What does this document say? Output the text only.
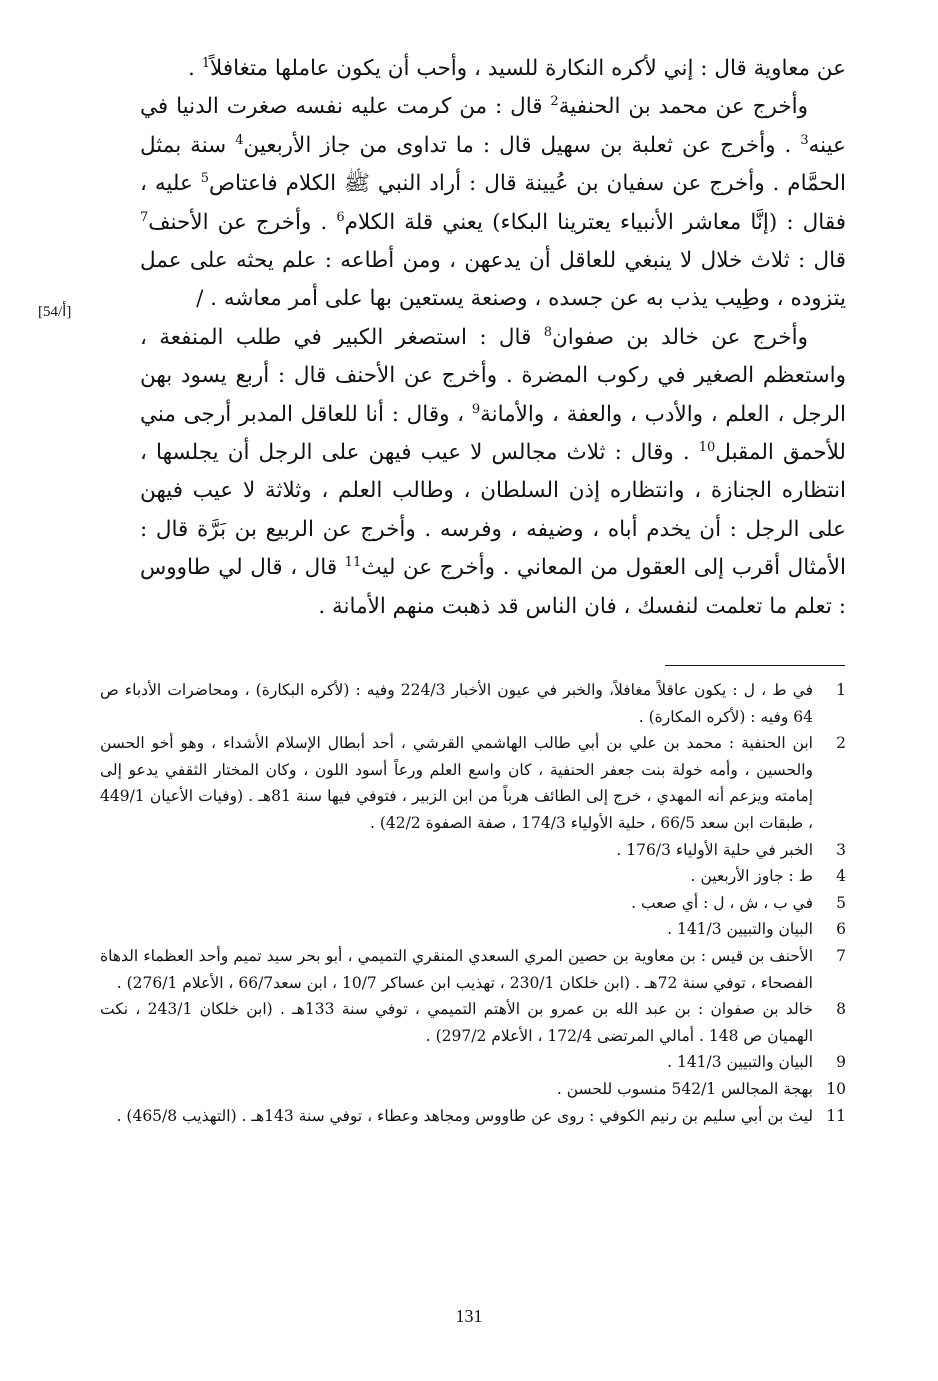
عن معاوية قال : إني لأكره النكارة للسيد ، وأحب أن يكون عاملها متغافلاً$^1$ .

وأخرج عن محمد بن الحنفية$^2$ قال : من كرمت عليه نفسه صغرت الدنيا في عينه$^3$ . وأخرج عن ثعلبة بن سهيل قال : ما تداوى من جاز الأربعين$^4$ سنة بمثل الحمَّام . وأخرج عن سفيان بن عُيينة قال : أراد النبي ﷺ الكلام فاعتاص$^5$ عليه ، فقال : (إنَّا معاشر الأنبياء يعترينا البكاء) يعني قلة الكلام$^6$ . وأخرج عن الأحنف$^7$ قال : ثلاث خلال لا ينبغي للعاقل أن يدعهن ، ومن أطاعه : علم يحثه على عمل يتزوده ، وطِيب يذب به عن جسده ، وصنعة يستعين بها على أمر معاشه . /

وأخرج عن خالد بن صفوان$^8$ قال : استصغر الكبير في طلب المنفعة ، واستعظم الصغير في ركوب المضرة . وأخرج عن الأحنف قال : أربع يسود بهن الرجل ، العلم ، والأدب ، والعفة ، والأمانة$^9$ ، وقال : أنا للعاقل المدبر أرجى مني للأحمق المقبل$^{10}$ . وقال : ثلاث مجالس لا عيب فيهن على الرجل أن يجلسها ، انتظاره الجنازة ، وانتظاره إذن السلطان ، وطالب العلم ، وثلاثة لا عيب فيهن على الرجل : أن يخدم أباه ، وضيفه ، وفرسه . وأخرج عن الربيع بن بَرَّة قال : الأمثال أقرب إلى العقول من المعاني . وأخرج عن ليث$^{11}$ قال ، قال لي طاووس : تعلم ما تعلمت لنفسك ، فان الناس قد ذهبت منهم الأمانة .

[أ/54]
1
في ط ، ل : يكون عاقلاً مغافلاً، والخبر في عيون الأخبار 224/3 وفيه : (لأكره البكارة) ، ومحاضرات الأدباء ص 64 وفيه : (لأكره المكارة) .
2
ابن الحنفية : محمد بن علي بن أبي طالب الهاشمي القرشي ، أحد أبطال الإسلام الأشداء ، وهو أخو الحسن والحسين ، وأمه خولة بنت جعفر الحنفية ، كان واسع العلم ورعاً أسود اللون ، وكان المختار الثقفي يدعو إلى إمامته ويزعم أنه المهدي ، خرج إلى الطائف هرباً من ابن الزبير ، فتوفي فيها سنة 81هـ . (وفيات الأعيان 449/1 ، طبقات ابن سعد 66/5 ، حلية الأولياء 174/3 ، صفة الصفوة 42/2) .
3
الخبر في حلية الأولياء 176/3 .
4
ط : جاوز الأربعين .
5
في ب ، ش ، ل : أي صعب .
6
البيان والتبيين 141/3 .
7
الأحنف بن قيس : بن معاوية بن حصين المري السعدي المنقري التميمي ، أبو بحر سيد تميم وأحد العظماء الدهاة الفصحاء ، توفي سنة 72هـ . (ابن خلكان 230/1 ، تهذيب ابن عساكر 10/7 ، ابن سعد66/7 ، الأعلام 276/1) .
8
خالد بن صفوان : بن عبد الله بن عمرو بن الأهتم التميمي ، توفي سنة 133هـ . (ابن خلكان 243/1 ، نكت الهميان ص 148 . أمالي المرتضى 172/4 ، الأعلام 297/2) .
9
البيان والتبيين 141/3 .
10
بهجة المجالس 542/1 منسوب للحسن .
11
ليث بن أبي سليم بن رنيم الكوفي : روى عن طاووس ومجاهد وعطاء ، توفي سنة 143هـ . (التهذيب 465/8) .
131
